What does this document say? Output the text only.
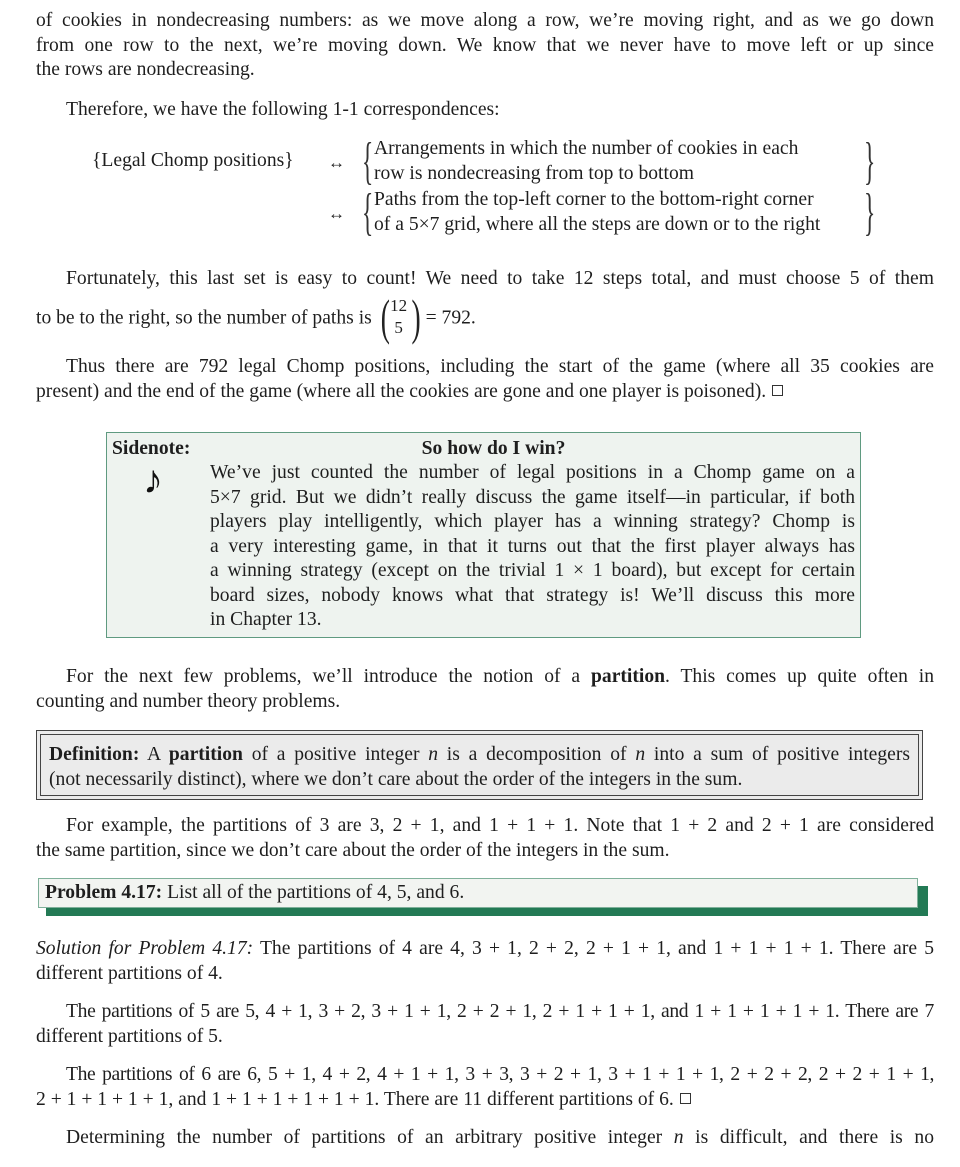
of cookies in nondecreasing numbers: as we move along a row, we’re moving right, and as we go down

from one row to the next, we’re moving down. We know that we never have to move left or up since

the rows are nondecreasing.

Therefore, we have the following 1-1 correspondences:

{Legal Chomp positions} ↔ { Arrangements in which the number of cookies in each
row is nondecreasing from top to bottom	}
↔ { Paths from the top-left corner to the bottom-right corner
of a 5×7 grid, where all the steps are down or to the right }

Fortunately, this last set is easy to count! We need to take 12 steps total, and must choose 5 of them

to be to the right, so the number of paths is ( 12
5 ) = 792.

Thus there are 792 legal Chomp positions, including the start of the game (where all 35 cookies are

present) and the end of the game (where all the cookies are gone and one player is poisoned).

Sidenote:	So how do I win?
♪ We’ve just counted the number of legal positions in a Chomp game on a

5×7 grid. But we didn’t really discuss the game itself—in particular, if both

players play intelligently, which player has a winning strategy? Chomp is

a very interesting game, in that it turns out that the first player always has

a winning strategy (except on the trivial 1 × 1 board), but except for certain

board sizes, nobody knows what that strategy is! We’ll discuss this more

in Chapter 13.

For the next few problems, we’ll introduce the notion of a partition. This comes up quite often in

counting and number theory problems.

Definition: A partition of a positive integer n is a decomposition of n into a sum of positive integers

(not necessarily distinct), where we don’t care about the order of the integers in the sum.

For example, the partitions of 3 are 3, 2 + 1, and 1 + 1 + 1. Note that 1 + 2 and 2 + 1 are considered

the same partition, since we don’t care about the order of the integers in the sum.

Problem 4.17: List all of the partitions of 4, 5, and 6.

Solution for Problem 4.17: The partitions of 4 are 4, 3 + 1, 2 + 2, 2 + 1 + 1, and 1 + 1 + 1 + 1. There are 5

different partitions of 4.

The partitions of 5 are 5, 4 + 1, 3 + 2, 3 + 1 + 1, 2 + 2 + 1, 2 + 1 + 1 + 1, and 1 + 1 + 1 + 1 + 1. There are 7

different partitions of 5.

The partitions of 6 are 6, 5 + 1, 4 + 2, 4 + 1 + 1, 3 + 3, 3 + 2 + 1, 3 + 1 + 1 + 1, 2 + 2 + 2, 2 + 2 + 1 + 1,

2 + 1 + 1 + 1 + 1, and 1 + 1 + 1 + 1 + 1 + 1. There are 11 different partitions of 6.

Determining the number of partitions of an arbitrary positive integer n is difficult, and there is no
